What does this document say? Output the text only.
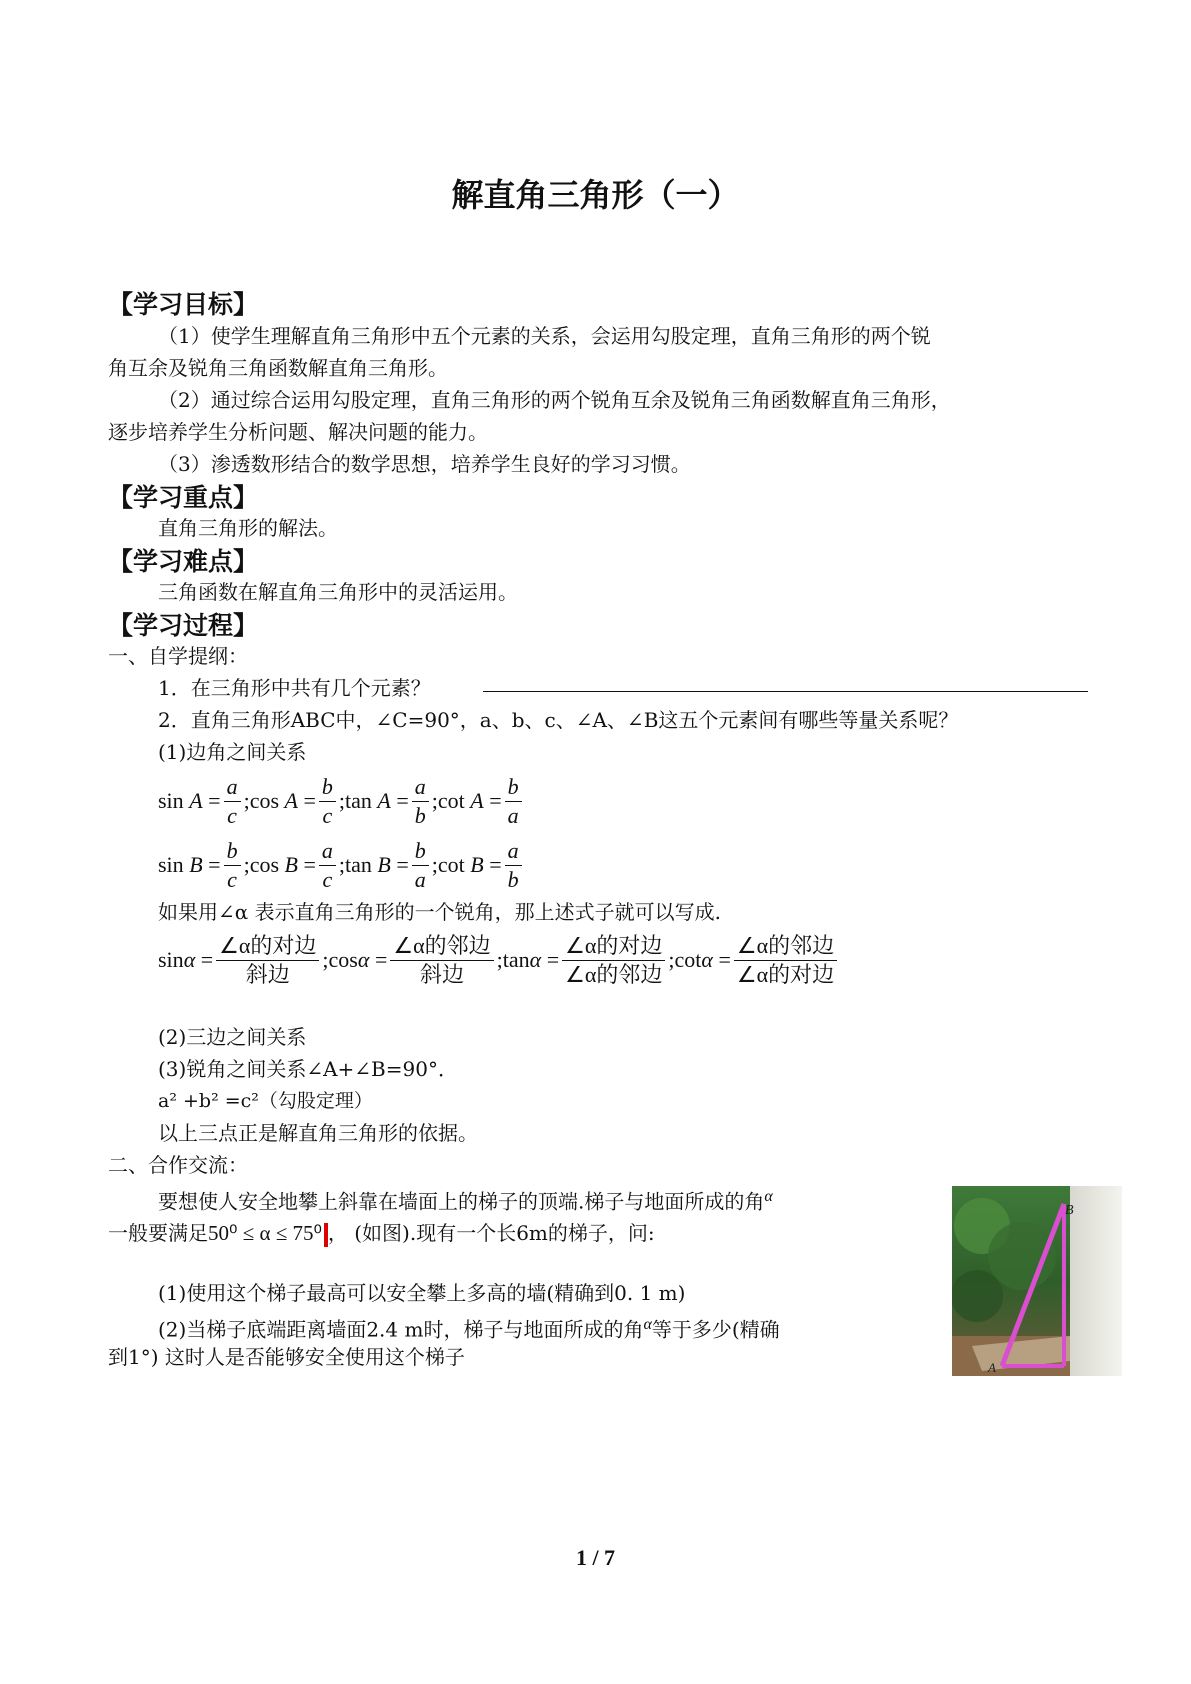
解直角三角形（一）
【学习目标】
（1）使学生理解直角三角形中五个元素的关系，会运用勾股定理，直角三角形的两个锐
角互余及锐角三角函数解直角三角形。
（2）通过综合运用勾股定理，直角三角形的两个锐角互余及锐角三角函数解直角三角形，
逐步培养学生分析问题、解决问题的能力。
（3）渗透数形结合的数学思想，培养学生良好的学习习惯。
【学习重点】
直角三角形的解法。
【学习难点】
三角函数在解直角三角形中的灵活运用。
【学习过程】
一、自学提纲：
1．在三角形中共有几个元素？
2．直角三角形ABC中，∠C=90°，a、b、c、∠A、∠B这五个元素间有哪些等量关系呢？
(1)边角之间关系
sin
A
= $\frac{a}{c}$ ; cos
A
= $\frac{b}{c}$ ; tan
A
= $\frac{a}{b}$ ; cot
A
= $\frac{b}{a}$
sin
B
= $\frac{b}{c}$ ; cos
B
= $\frac{a}{c}$ ; tan
B
= $\frac{b}{a}$ ; cot
B
= $\frac{a}{b}$
如果用∠α 表示直角三角形的一个锐角，那上述式子就可以写成.
sin α
= $\frac{\text{∠α的对边}}{\text{斜边}}$ ; cos α
= $\frac{\text{∠α的邻边}}{\text{斜边}}$ ; tan α
= $\frac{\text{∠α的对边}}{\text{∠α的邻边}}$ ; cot α
= $\frac{\text{∠α的邻边}}{\text{∠α的对边}}$
(2)三边之间关系
(3)锐角之间关系∠A+∠B=90°．
a² +b² =c²（勾股定理）
以上三点正是解直角三角形的依据。
二、合作交流：
要想使人安全地攀上斜靠在墙面上的梯子的顶端.梯子与地面所成的角$^\alpha$
一般要满足50⁰ ≤ α ≤ 75⁰ ， (如图).现有一个长6m的梯子，问:
(1)使用这个梯子最高可以安全攀上多高的墙(精确到0. 1 m)
(2)当梯子底端距离墙面2.4 m时，梯子与地面所成的角$^\alpha$等于多少(精确
到1°) 这时人是否能够安全使用这个梯子
B
A
1 / 7
